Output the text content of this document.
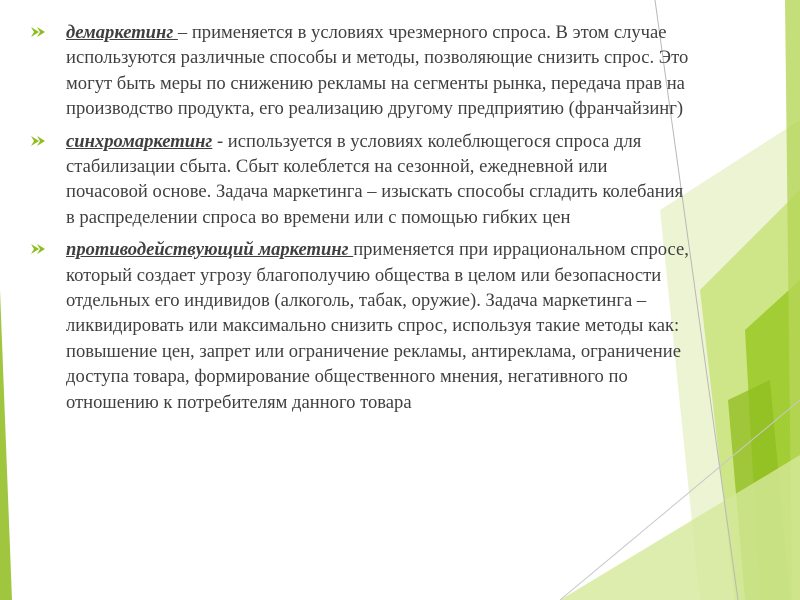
демаркетинг – применяется в условиях чрезмерного спроса. В этом случае используются различные способы и методы, позволяющие снизить спрос. Это могут быть меры по снижению рекламы на сегменты рынка, передача прав на производство продукта, его реализацию другому предприятию (франчайзинг)
синхромаркетинг - используется в условиях колеблющегося спроса для стабилизации сбыта. Сбыт колеблется на сезонной, ежедневной или почасовой основе. Задача маркетинга – изыскать способы сгладить колебания в распределении спроса во времени или с помощью гибких цен
противодействующий маркетинг применяется при иррациональном спросе, который создает угрозу благополучию общества в целом или безопасности отдельных его индивидов (алкоголь, табак, оружие). Задача маркетинга – ликвидировать или максимально снизить спрос, используя такие методы как: повышение цен, запрет или ограничение рекламы, антиреклама, ограничение доступа товара, формирование общественного мнения, негативного по отношению к потребителям данного товара
